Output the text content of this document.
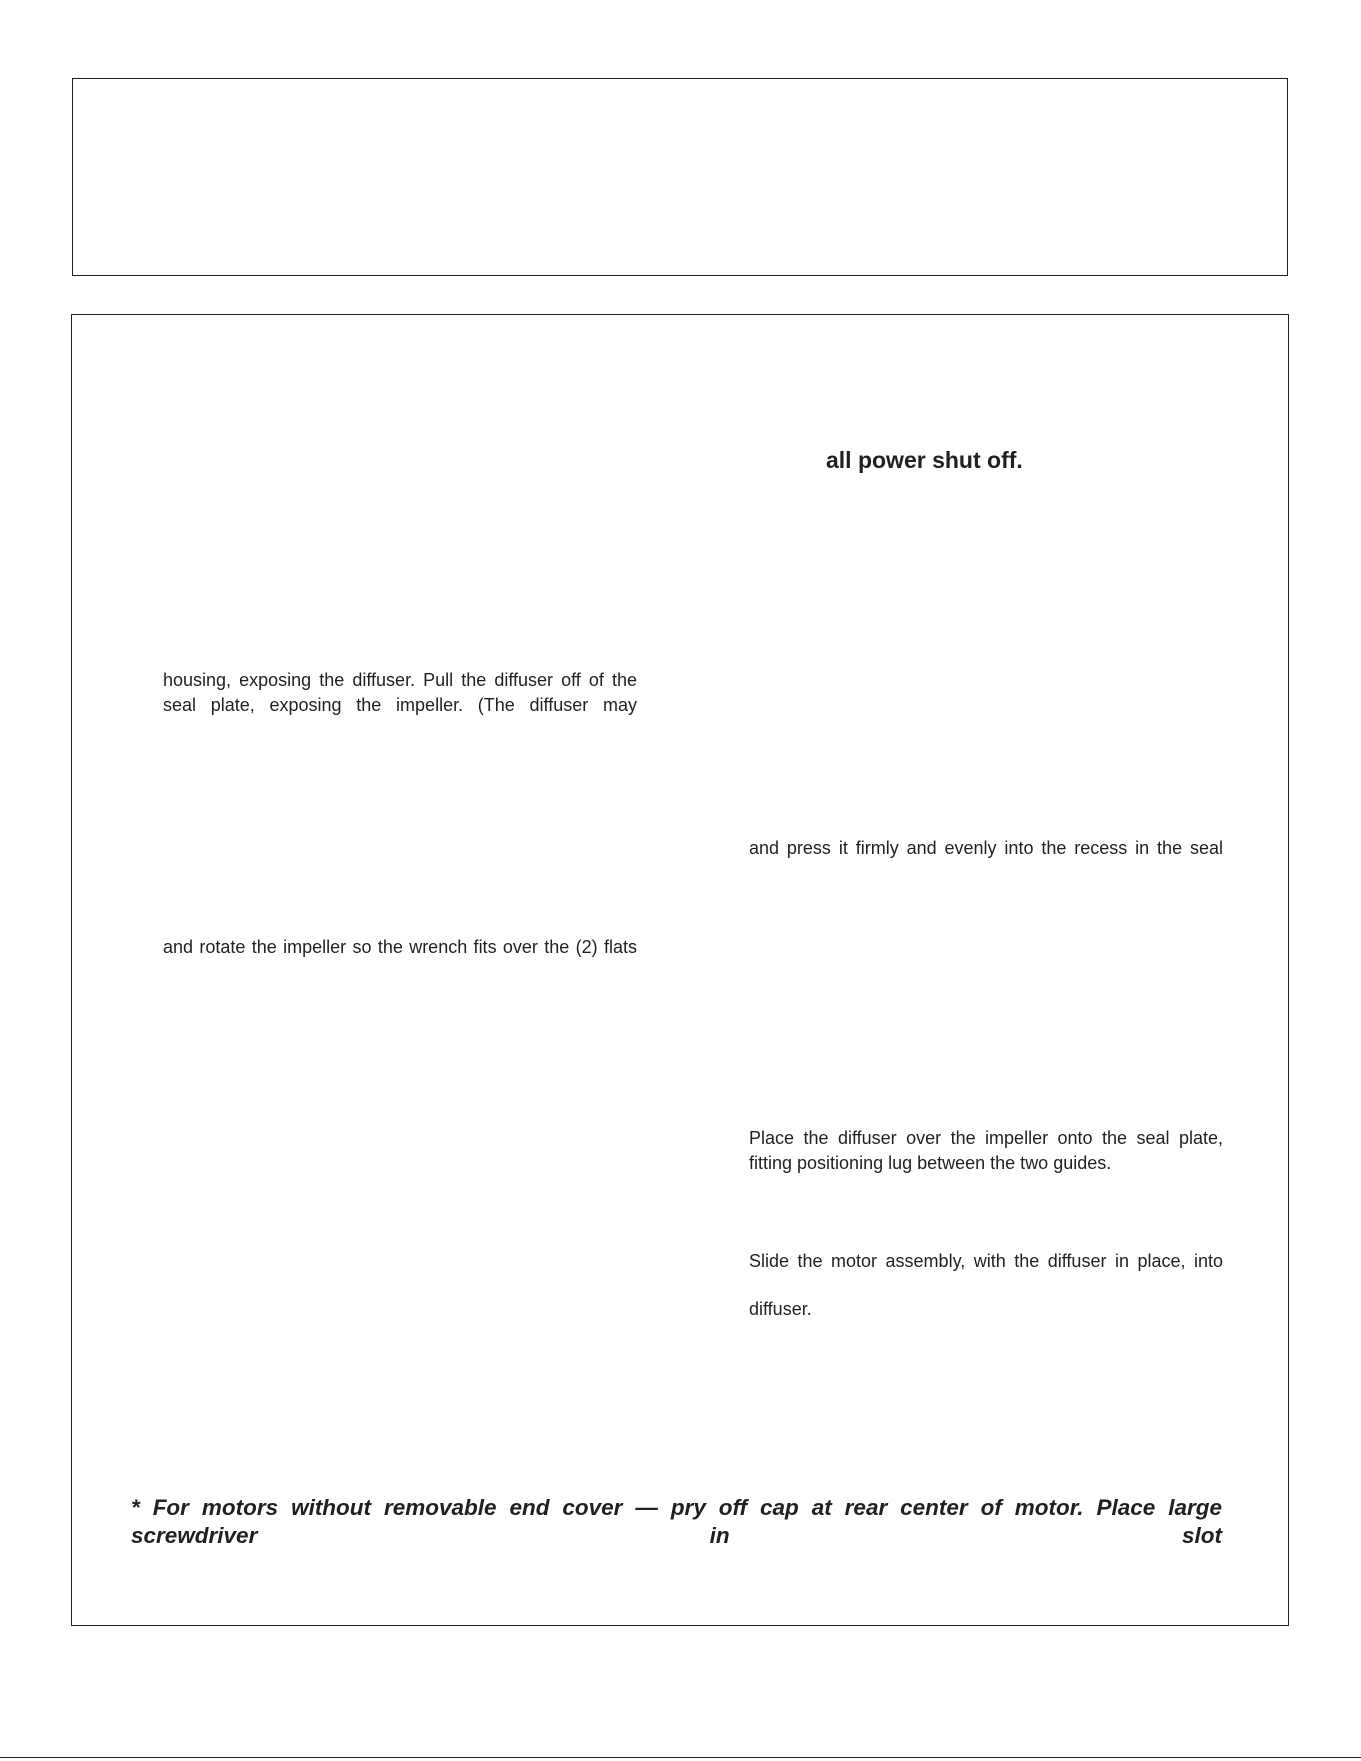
all power shut off.
housing, exposing the diffuser. Pull the diffuser off of the
seal plate, exposing the impeller. (The diffuser may
and press it firmly and evenly into the recess in the seal
and rotate the impeller so the wrench fits over the (2) flats
Place the diffuser over the impeller onto the seal plate,
fitting positioning lug between the two guides.
Slide the motor assembly, with the diffuser in place, into
diffuser.
* For motors without removable end cover — pry off cap at rear center of motor. Place large screwdriver in slot
